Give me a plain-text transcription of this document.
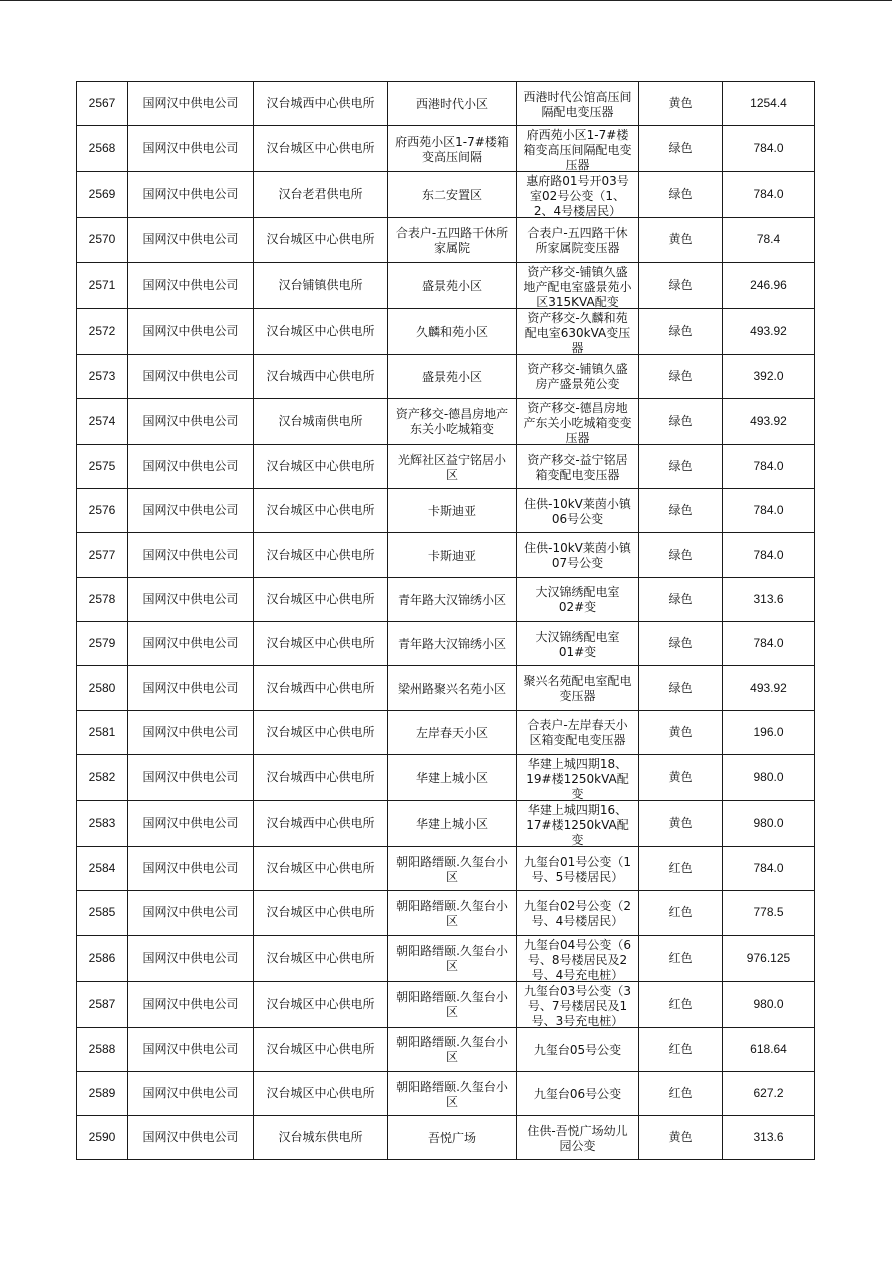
2567	国网汉中供电公司	汉台城西中心供电所	西港时代小区	西港时代公馆高压间隔配电变压器	黄色	1254.4
2568	国网汉中供电公司	汉台城区中心供电所	府西苑小区1-7#楼箱变高压间隔	府西苑小区1-7#楼箱变高压间隔配电变压器	绿色	784.0
2569	国网汉中供电公司	汉台老君供电所	东二安置区	惠府路01号开03号室02号公变（1、2、4号楼居民）	绿色	784.0
2570	国网汉中供电公司	汉台城区中心供电所	合表户-五四路干休所家属院	合表户-五四路干休所家属院变压器	黄色	78.4
2571	国网汉中供电公司	汉台铺镇供电所	盛景苑小区	资产移交-铺镇久盛地产配电室盛景苑小区315KVA配变	绿色	246.96
2572	国网汉中供电公司	汉台城区中心供电所	久麟和苑小区	资产移交-久麟和苑配电室630kVA变压器	绿色	493.92
2573	国网汉中供电公司	汉台城西中心供电所	盛景苑小区	资产移交-铺镇久盛房产盛景苑公变	绿色	392.0
2574	国网汉中供电公司	汉台城南供电所	资产移交-德昌房地产东关小吃城箱变	资产移交-德昌房地产东关小吃城箱变变压器	绿色	493.92
2575	国网汉中供电公司	汉台城区中心供电所	光辉社区益宁铭居小区	资产移交-益宁铭居箱变配电变压器	绿色	784.0
2576	国网汉中供电公司	汉台城区中心供电所	卡斯迪亚	住供-10kV莱茵小镇06号公变	绿色	784.0
2577	国网汉中供电公司	汉台城区中心供电所	卡斯迪亚	住供-10kV莱茵小镇07号公变	绿色	784.0
2578	国网汉中供电公司	汉台城区中心供电所	青年路大汉锦绣小区	大汉锦绣配电室02#变	绿色	313.6
2579	国网汉中供电公司	汉台城区中心供电所	青年路大汉锦绣小区	大汉锦绣配电室01#变	绿色	784.0
2580	国网汉中供电公司	汉台城西中心供电所	梁州路聚兴名苑小区	聚兴名苑配电室配电变压器	绿色	493.92
2581	国网汉中供电公司	汉台城区中心供电所	左岸春天小区	合表户-左岸春天小区箱变配电变压器	黄色	196.0
2582	国网汉中供电公司	汉台城西中心供电所	华建上城小区	华建上城四期18、19#楼1250kVA配变	黄色	980.0
2583	国网汉中供电公司	汉台城西中心供电所	华建上城小区	华建上城四期16、17#楼1250kVA配变	黄色	980.0
2584	国网汉中供电公司	汉台城区中心供电所	朝阳路缙颐.久玺台小区	九玺台01号公变（1号、5号楼居民）	红色	784.0
2585	国网汉中供电公司	汉台城区中心供电所	朝阳路缙颐.久玺台小区	九玺台02号公变（2号、4号楼居民）	红色	778.5
2586	国网汉中供电公司	汉台城区中心供电所	朝阳路缙颐.久玺台小区	九玺台04号公变（6号、8号楼居民及2号、4号充电桩）	红色	976.125
2587	国网汉中供电公司	汉台城区中心供电所	朝阳路缙颐.久玺台小区	九玺台03号公变（3号、7号楼居民及1号、3号充电桩）	红色	980.0
2588	国网汉中供电公司	汉台城区中心供电所	朝阳路缙颐.久玺台小区	九玺台05号公变	红色	618.64
2589	国网汉中供电公司	汉台城区中心供电所	朝阳路缙颐.久玺台小区	九玺台06号公变	红色	627.2
2590	国网汉中供电公司	汉台城东供电所	吾悦广场	住供-吾悦广场幼儿园公变	黄色	313.6
